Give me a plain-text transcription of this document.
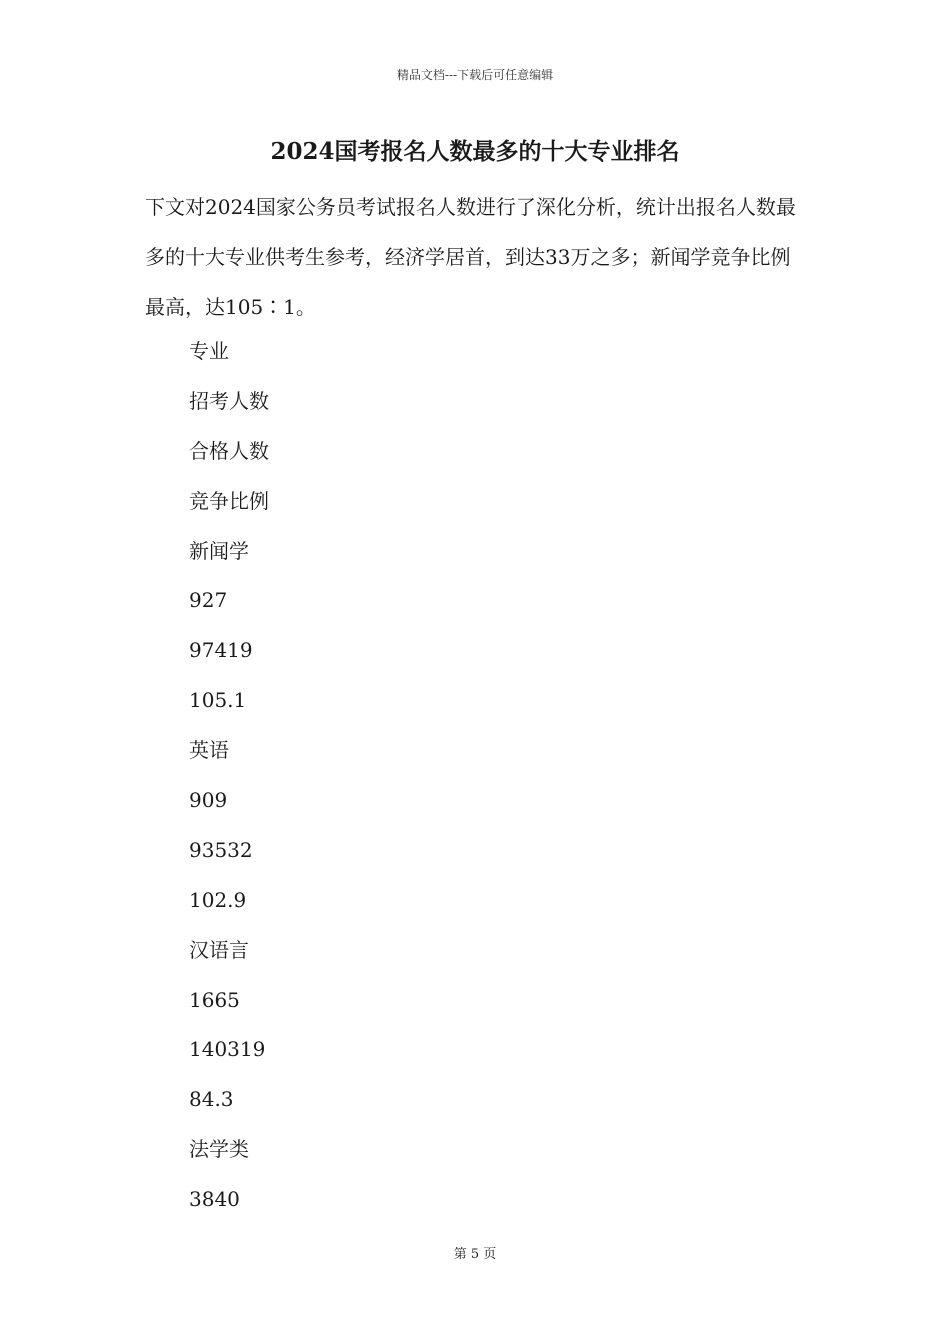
精品文档---下载后可任意编辑
2024国考报名人数最多的十大专业排名

下文对2024国家公务员考试报名人数进行了深化分析，统计出报名人数最多的十大专业供考生参考，经济学居首，到达33万之多；新闻学竞争比例最高，达105∶1。

专业
招考人数
合格人数
竞争比例
新闻学
927
97419
105.1
英语
909
93532
102.9
汉语言
1665
140319
84.3
法学类
3840
第 5 页
